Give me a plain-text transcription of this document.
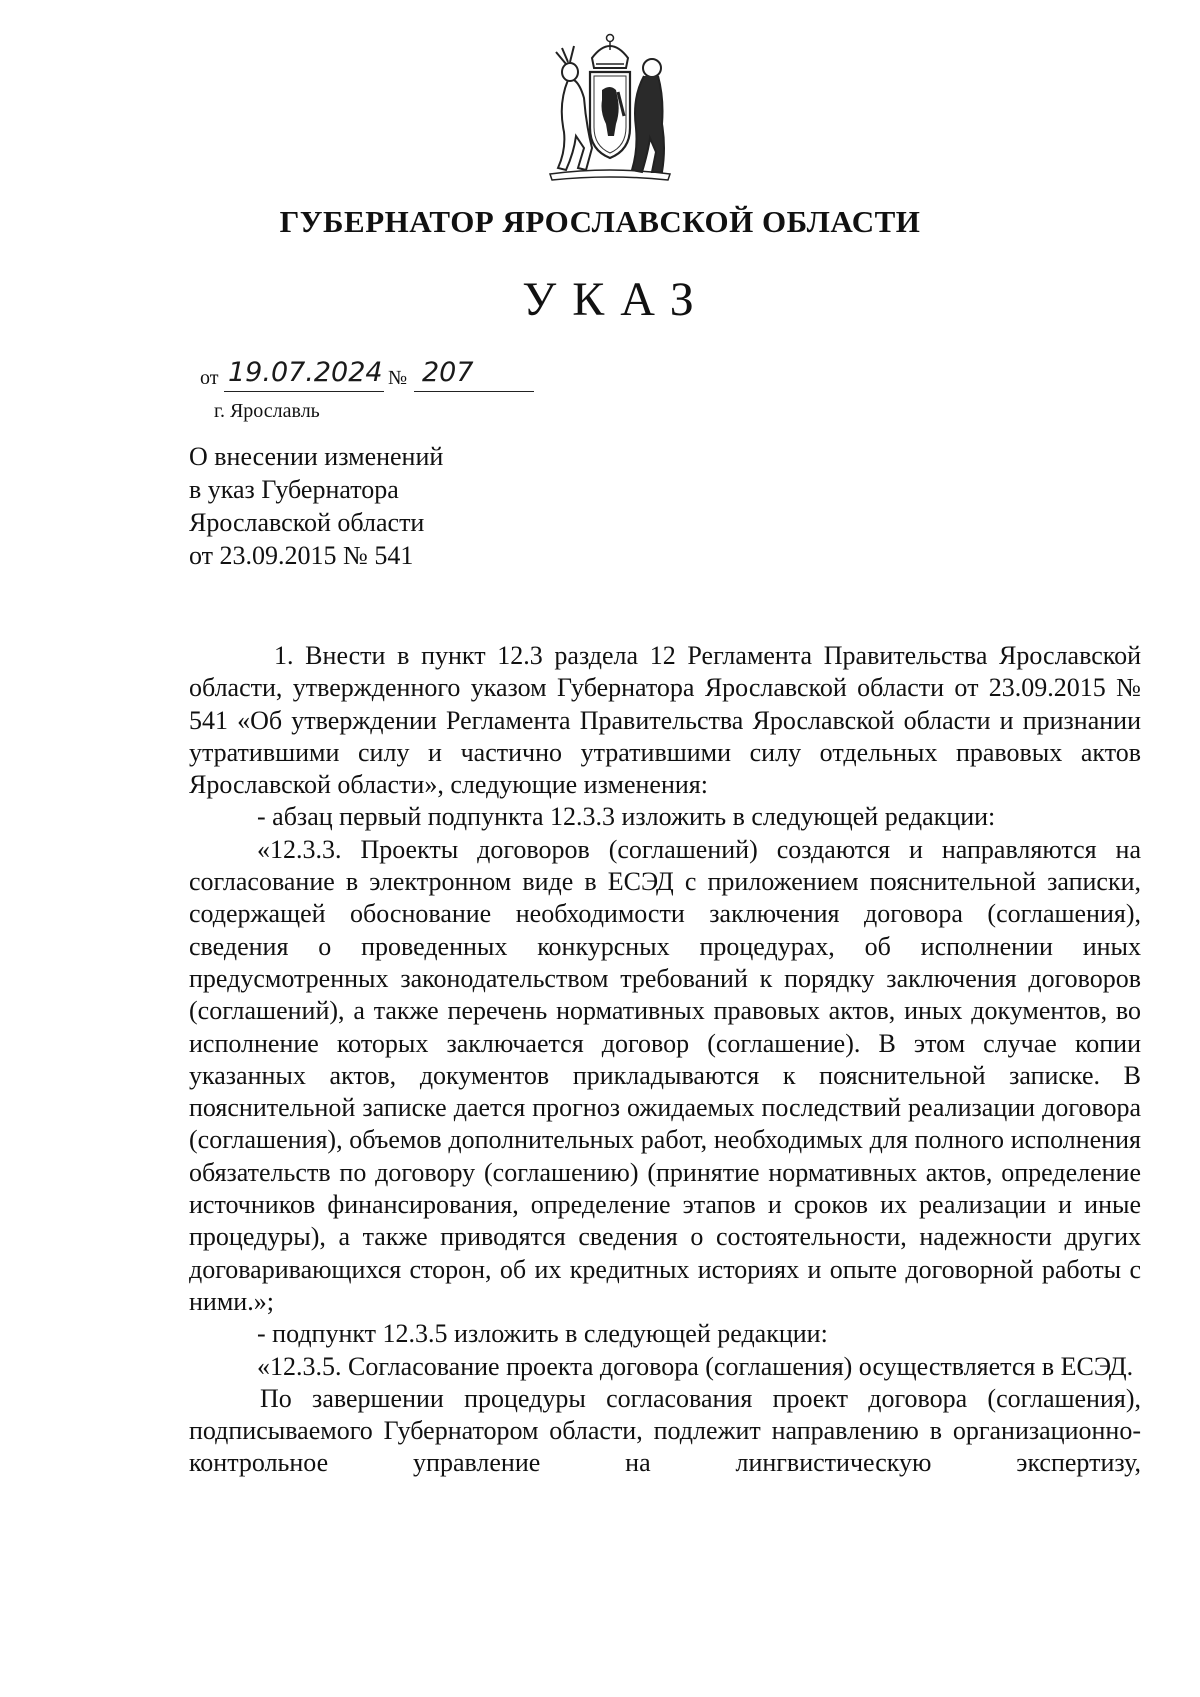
ГУБЕРНАТОР ЯРОСЛАВСКОЙ ОБЛАСТИ
УКАЗ
от 19.07.2024 № 207
г. Ярославль
О внесении изменений
в указ Губернатора
Ярославской области
от 23.09.2015 № 541

1. Внести в пункт 12.3 раздела 12 Регламента Правительства Ярославской области, утвержденного указом Губернатора Ярославской области от 23.09.2015 № 541 «Об утверждении Регламента Правительства Ярославской области и признании утратившими силу и частично утратившими силу отдельных правовых актов Ярославской области», следующие изменения:

- абзац первый подпункта 12.3.3 изложить в следующей редакции:

«12.3.3. Проекты договоров (соглашений) создаются и направляются на согласование в электронном виде в ЕСЭД с приложением пояснительной записки, содержащей обоснование необходимости заключения договора (соглашения), сведения о проведенных конкурсных процедурах, об исполнении иных предусмотренных законодательством требований к порядку заключения договоров (соглашений), а также перечень нормативных правовых актов, иных документов, во исполнение которых заключается договор (соглашение). В этом случае копии указанных актов, документов прикладываются к пояснительной записке. В пояснительной записке дается прогноз ожидаемых последствий реализации договора (соглашения), объемов дополнительных работ, необходимых для полного исполнения обязательств по договору (соглашению) (принятие нормативных актов, определение источников финансирования, определение этапов и сроков их реализации и иные процедуры), а также приводятся сведения о состоятельности, надежности других договаривающихся сторон, об их кредитных историях и опыте договорной работы с ними.»;

- подпункт 12.3.5 изложить в следующей редакции:

«12.3.5. Согласование проекта договора (соглашения) осуществляется в ЕСЭД.

По завершении процедуры согласования проект договора (соглашения), подписываемого Губернатором области, подлежит направлению в организационно-контрольное управление на лингвистическую экспертизу,
